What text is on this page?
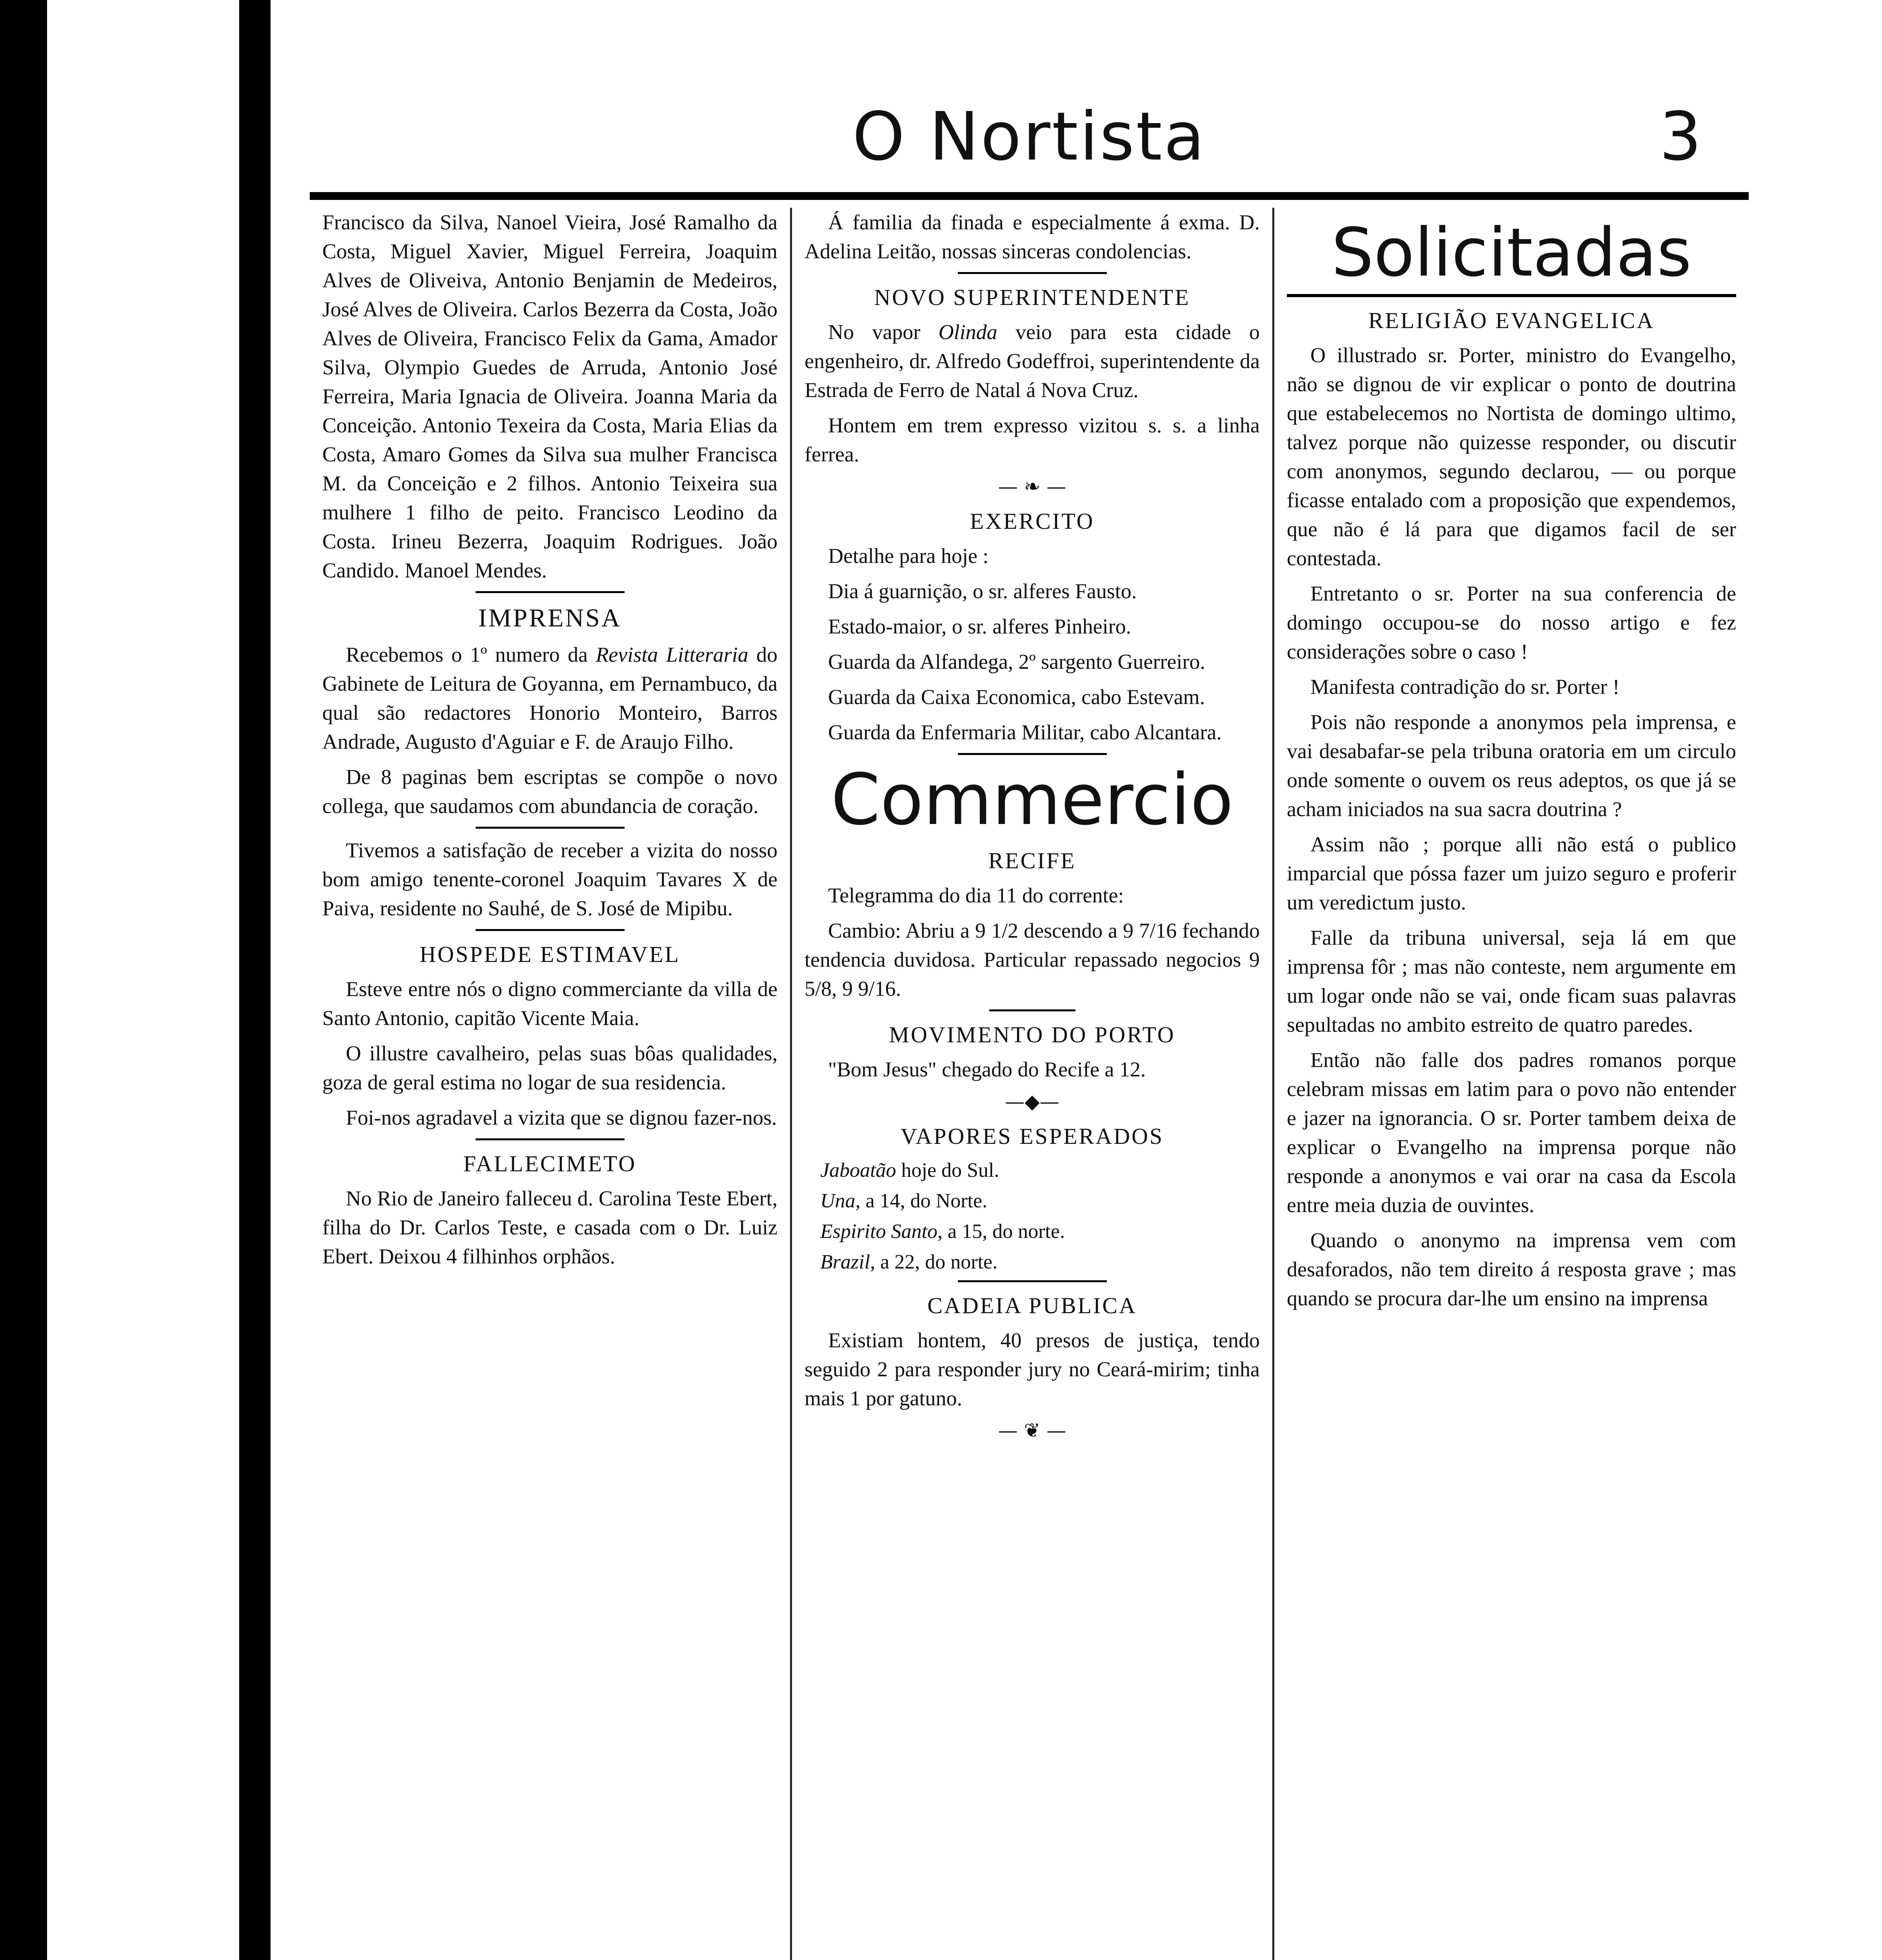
O Nortista	3

Francisco da Silva, Nanoel Vieira, José Ramalho da Costa, Miguel Xavier, Miguel Ferreira, Joaquim Alves de Oliveiva, Antonio Benjamin de Medeiros, José Alves de Oliveira. Carlos Bezerra da Costa, João Alves de Oliveira, Francisco Felix da Gama, Amador Silva, Olympio Guedes de Arruda, Antonio José Ferreira, Maria Ignacia de Oliveira. Joanna Maria da Conceição. Antonio Texeira da Costa, Maria Elias da Costa, Amaro Gomes da Silva sua mulher Francisca M. da Conceição e 2 filhos. Antonio Teixeira sua mulhere 1 filho de peito. Francisco Leodino da Costa. Irineu Bezerra, Joaquim Rodrigues. João Candido. Manoel Mendes.

IMPRENSA

Recebemos o 1º numero da Revista Litteraria do Gabinete de Leitura de Goyanna, em Pernambuco, da qual são redactores Honorio Monteiro, Barros Andrade, Augusto d'Aguiar e F. de Araujo Filho.

De 8 paginas bem escriptas se compõe o novo collega, que saudamos com abundancia de coração.

Tivemos a satisfação de receber a vizita do nosso bom amigo tenente-coronel Joaquim Tavares X de Paiva, residente no Sauhé, de S. José de Mipibu.

HOSPEDE ESTIMAVEL

Esteve entre nós o digno commerciante da villa de Santo Antonio, capitão Vicente Maia.

O illustre cavalheiro, pelas suas bôas qualidades, goza de geral estima no logar de sua residencia.

Foi-nos agradavel a vizita que se dignou fazer-nos.

FALLECIMETO

No Rio de Janeiro falleceu d. Carolina Teste Ebert, filha do Dr. Carlos Teste, e casada com o Dr. Luiz Ebert. Deixou 4 filhinhos orphãos.

Á familia da finada e especialmente á exma. D. Adelina Leitão, nossas sinceras condolencias.

NOVO SUPERINTENDENTE

No vapor Olinda veio para esta cidade o engenheiro, dr. Alfredo Godeffroi, superintendente da Estrada de Ferro de Natal á Nova Cruz.

Hontem em trem expresso vizitou s. s. a linha ferrea.

— ❧ —
EXERCITO

Detalhe para hoje :

Dia á guarnição, o sr. alferes Fausto.

Estado-maior, o sr. alferes Pinheiro.

Guarda da Alfandega, 2º sargento Guerreiro.

Guarda da Caixa Economica, cabo Estevam.

Guarda da Enfermaria Militar, cabo Alcantara.

Commercio
RECIFE

Telegramma do dia 11 do corrente:

Cambio: Abriu a 9 1/2 descendo a 9 7/16 fechando tendencia duvidosa. Particular repassado negocios 9 5/8, 9 9/16.

MOVIMENTO DO PORTO

"Bom Jesus" chegado do Recife a 12.

—◆—
VAPORES ESPERADOS
Jaboatão hoje do Sul.
Una, a 14, do Norte.
Espirito Santo, a 15, do norte.
Brazil, a 22, do norte.
CADEIA PUBLICA

Existiam hontem, 40 presos de justiça, tendo seguido 2 para responder jury no Ceará-mirim; tinha mais 1 por gatuno.

— ❦ —
Solicitadas
RELIGIÃO EVANGELICA

O illustrado sr. Porter, ministro do Evangelho, não se dignou de vir explicar o ponto de doutrina que estabelecemos no Nortista de domingo ultimo, talvez porque não quizesse responder, ou discutir com anonymos, segundo declarou, — ou porque ficasse entalado com a proposição que expendemos, que não é lá para que digamos facil de ser contestada.

Entretanto o sr. Porter na sua conferencia de domingo occupou-se do nosso artigo e fez considerações sobre o caso !

Manifesta contradição do sr. Porter !

Pois não responde a anonymos pela imprensa, e vai desabafar-se pela tribuna oratoria em um circulo onde somente o ouvem os reus adeptos, os que já se acham iniciados na sua sacra doutrina ?

Assim não ; porque alli não está o publico imparcial que póssa fazer um juizo seguro e proferir um veredictum justo.

Falle da tribuna universal, seja lá em que imprensa fôr ; mas não conteste, nem argumente em um logar onde não se vai, onde ficam suas palavras sepultadas no ambito estreito de quatro paredes.

Então não falle dos padres romanos porque celebram missas em latim para o povo não entender e jazer na ignorancia. O sr. Porter tambem deixa de explicar o Evangelho na imprensa porque não responde a anonymos e vai orar na casa da Escola entre meia duzia de ouvintes.

Quando o anonymo na imprensa vem com desaforados, não tem direito á resposta grave ; mas quando se procura dar-lhe um ensino na imprensa
